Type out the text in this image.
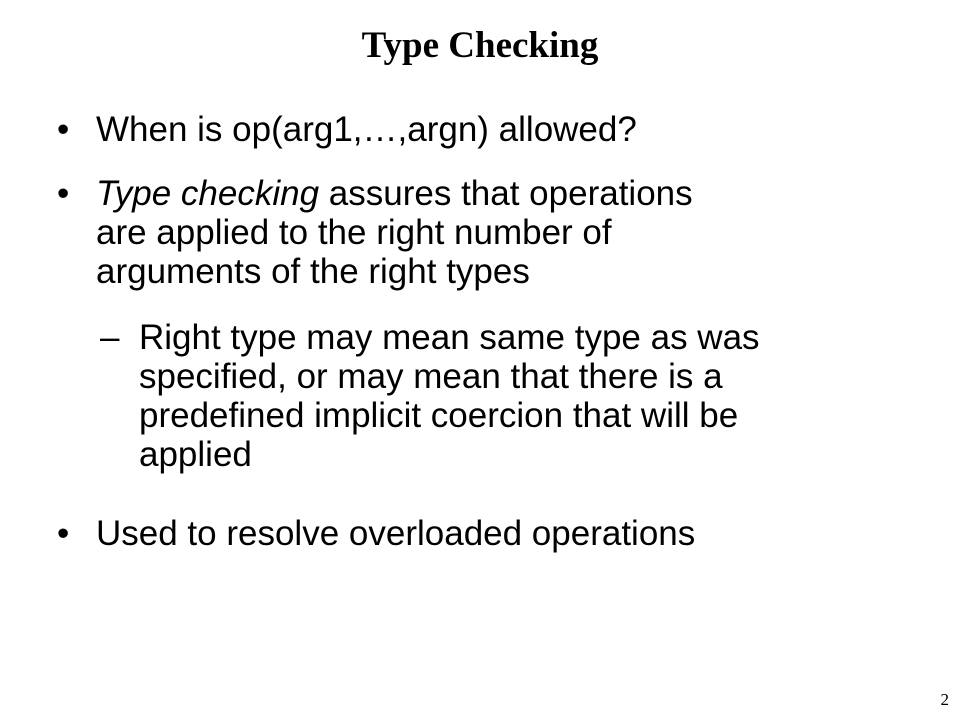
Type Checking
• When is op(arg1,…,argn) allowed?
• Type checking assures that operations
are applied to the right number of
arguments of the right types
– Right type may mean same type as was
specified, or may mean that there is a
predefined implicit coercion that will be
applied
• Used to resolve overloaded operations
2
